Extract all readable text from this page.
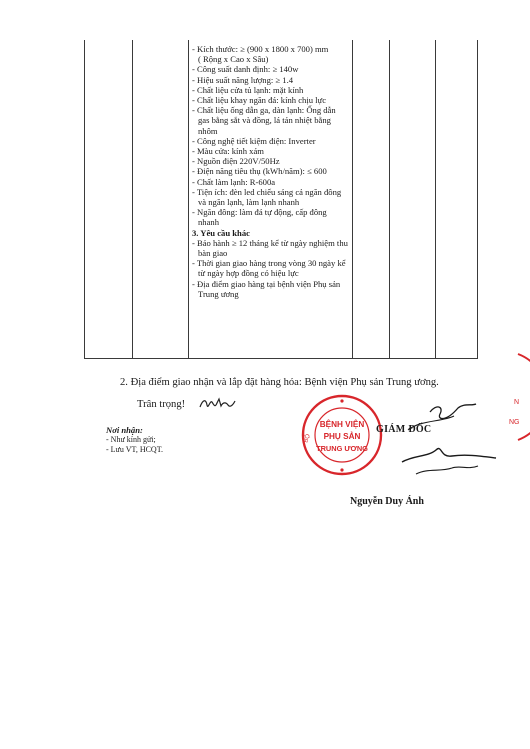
- Kích thước: ≥ (900 x 1800 x 700) mm
( Rộng x Cao x Sâu)
- Công suất danh định: ≥ 140w
- Hiệu suất năng lượng: ≥ 1.4
- Chất liệu cửa tủ lạnh: mặt kính
- Chất liệu khay ngăn đá: kính chịu lực
- Chất liệu ống dẫn ga, dàn lạnh: Ống dẫn
gas bằng sắt và đồng, lá tản nhiệt bằng
nhôm
- Công nghệ tiết kiệm điện: Inverter
- Màu cửa: kính xám
- Nguồn điện 220V/50Hz
- Điện năng tiêu thụ (kWh/năm): ≤ 600
- Chất làm lạnh: R-600a
- Tiện ích: đèn led chiếu sáng cả ngăn đông
và ngăn lạnh, làm lạnh nhanh
- Ngăn đông: làm đá tự động, cấp đông
nhanh
3. Yêu cầu khác
- Bảo hành ≥ 12 tháng kể từ ngày nghiệm thu
bàn giao
- Thời gian giao hàng trong vòng 30 ngày kể
từ ngày hợp đồng có hiệu lực
- Địa điểm giao hàng tại bệnh viện Phụ sản
Trung ương
2. Địa điểm giao nhận và lắp đặt hàng hóa: Bệnh viện Phụ sản Trung ương.
Trân trọng!
Nơi nhận:
- Như kính gửi;
- Lưu VT, HCQT.
BỘ
BỆNH VIỆN
PHỤ SẢN
TRUNG ƯƠNG
N
NG
GIÁM ĐỐC
Nguyễn Duy Ánh
